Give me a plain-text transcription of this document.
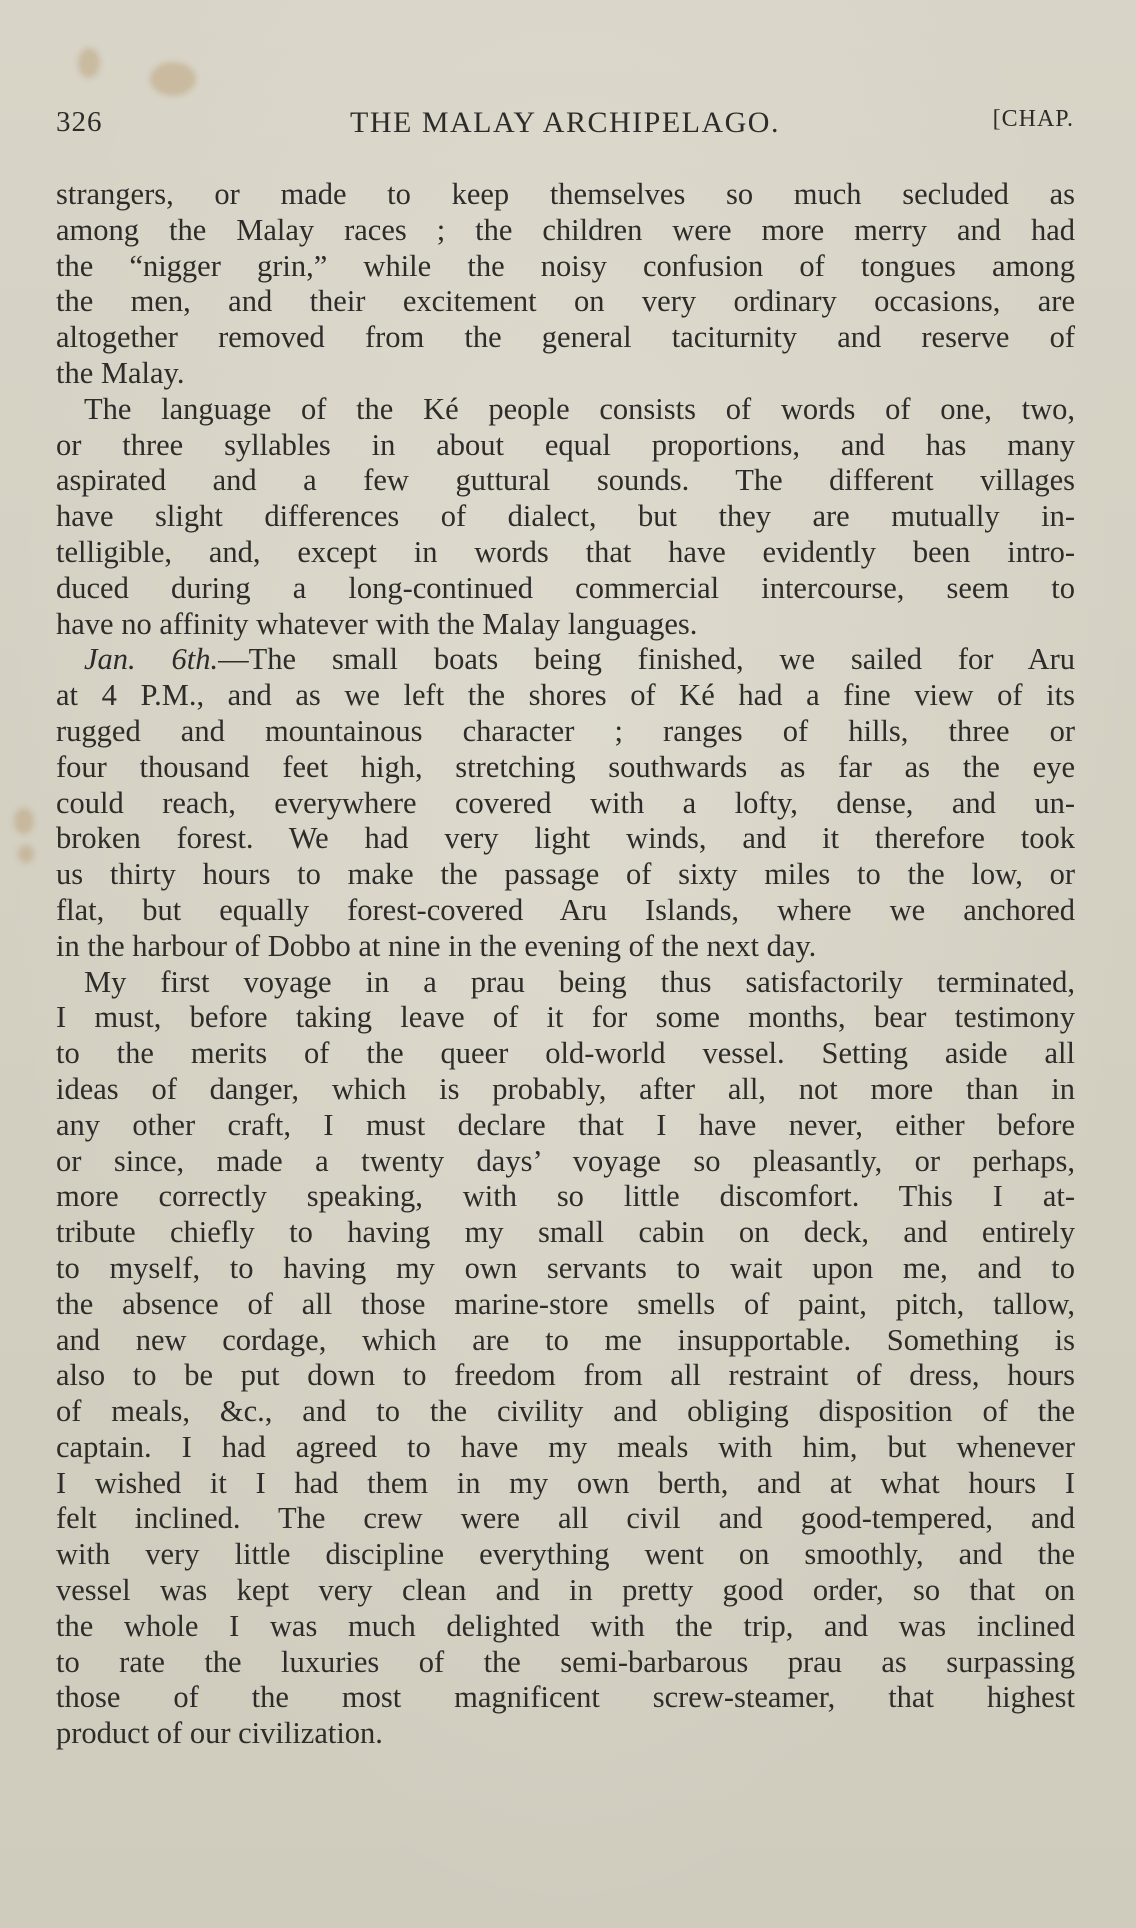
326	THE MALAY ARCHIPELAGO.	[CHAP.
strangers, or made to keep themselves so much secluded as
among the Malay races ; the children were more merry and had
the “nigger grin,” while the noisy confusion of tongues among
the men, and their excitement on very ordinary occasions, are
altogether removed from the general taciturnity and reserve of
the Malay.
The language of the Ké people consists of words of one, two,
or three syllables in about equal proportions, and has many
aspirated and a few guttural sounds. The different villages
have slight differences of dialect, but they are mutually in-
telligible, and, except in words that have evidently been intro-
duced during a long-continued commercial intercourse, seem to
have no affinity whatever with the Malay languages.
Jan. 6th.—The small boats being finished, we sailed for Aru
at 4 P.M., and as we left the shores of Ké had a fine view of its
rugged and mountainous character ; ranges of hills, three or
four thousand feet high, stretching southwards as far as the eye
could reach, everywhere covered with a lofty, dense, and un-
broken forest. We had very light winds, and it therefore took
us thirty hours to make the passage of sixty miles to the low, or
flat, but equally forest-covered Aru Islands, where we anchored
in the harbour of Dobbo at nine in the evening of the next day.
My first voyage in a prau being thus satisfactorily terminated,
I must, before taking leave of it for some months, bear testimony
to the merits of the queer old-world vessel. Setting aside all
ideas of danger, which is probably, after all, not more than in
any other craft, I must declare that I have never, either before
or since, made a twenty days’ voyage so pleasantly, or perhaps,
more correctly speaking, with so little discomfort. This I at-
tribute chiefly to having my small cabin on deck, and entirely
to myself, to having my own servants to wait upon me, and to
the absence of all those marine-store smells of paint, pitch, tallow,
and new cordage, which are to me insupportable. Something is
also to be put down to freedom from all restraint of dress, hours
of meals, &c., and to the civility and obliging disposition of the
captain. I had agreed to have my meals with him, but whenever
I wished it I had them in my own berth, and at what hours I
felt inclined. The crew were all civil and good-tempered, and
with very little discipline everything went on smoothly, and the
vessel was kept very clean and in pretty good order, so that on
the whole I was much delighted with the trip, and was inclined
to rate the luxuries of the semi-barbarous prau as surpassing
those of the most magnificent screw-steamer, that highest
product of our civilization.
